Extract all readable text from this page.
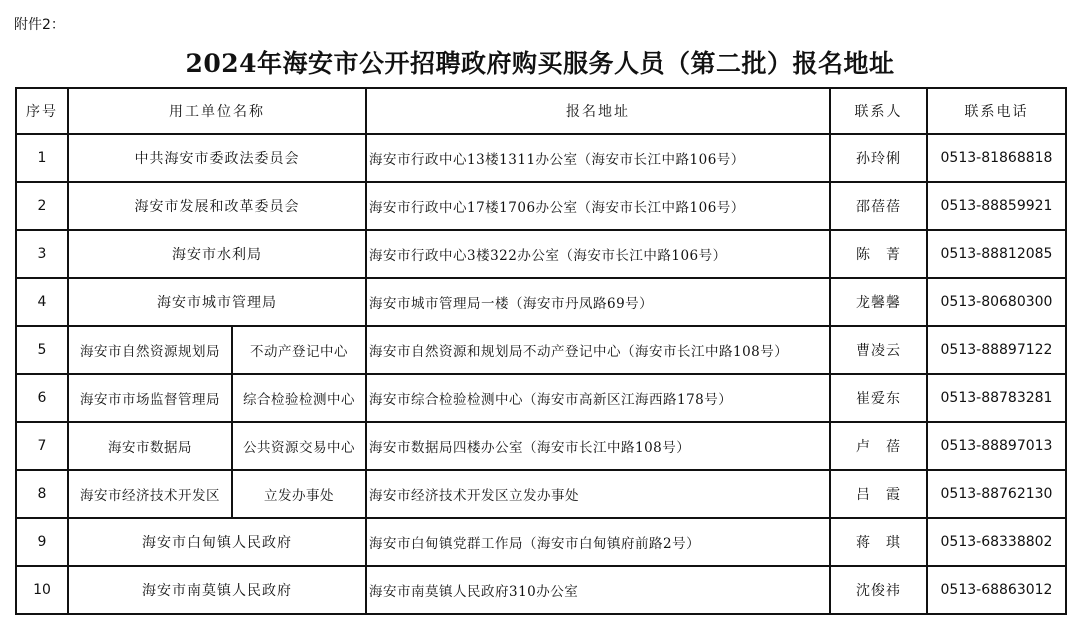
附件2：
2024年海安市公开招聘政府购买服务人员（第二批）报名地址
序号	用工单位名称		报名地址	联系人	联系电话
1	中共海安市委政法委员会		海安市行政中心13楼1311办公室（海安市长江中路106号）	孙玲俐	0513-81868818
2	海安市发展和改革委员会		海安市行政中心17楼1706办公室（海安市长江中路106号）	邵蓓蓓	0513-88859921
3	海安市水利局		海安市行政中心3楼322办公室（海安市长江中路106号）	陈　菁	0513-88812085
4	海安市城市管理局		海安市城市管理局一楼（海安市丹凤路69号）	龙馨馨	0513-80680300
5	海安市自然资源规划局	不动产登记中心	海安市自然资源和规划局不动产登记中心（海安市长江中路108号）	曹凌云	0513-88897122
6	海安市市场监督管理局	综合检验检测中心	海安市综合检验检测中心（海安市高新区江海西路178号）	崔爱东	0513-88783281
7	海安市数据局	公共资源交易中心	海安市数据局四楼办公室（海安市长江中路108号）	卢　蓓	0513-88897013
8	海安市经济技术开发区	立发办事处	海安市经济技术开发区立发办事处	吕　霞	0513-88762130
9	海安市白甸镇人民政府		海安市白甸镇党群工作局（海安市白甸镇府前路2号）	蒋　琪	0513-68338802
10	海安市南莫镇人民政府		海安市南莫镇人民政府310办公室	沈俊祎	0513-68863012
